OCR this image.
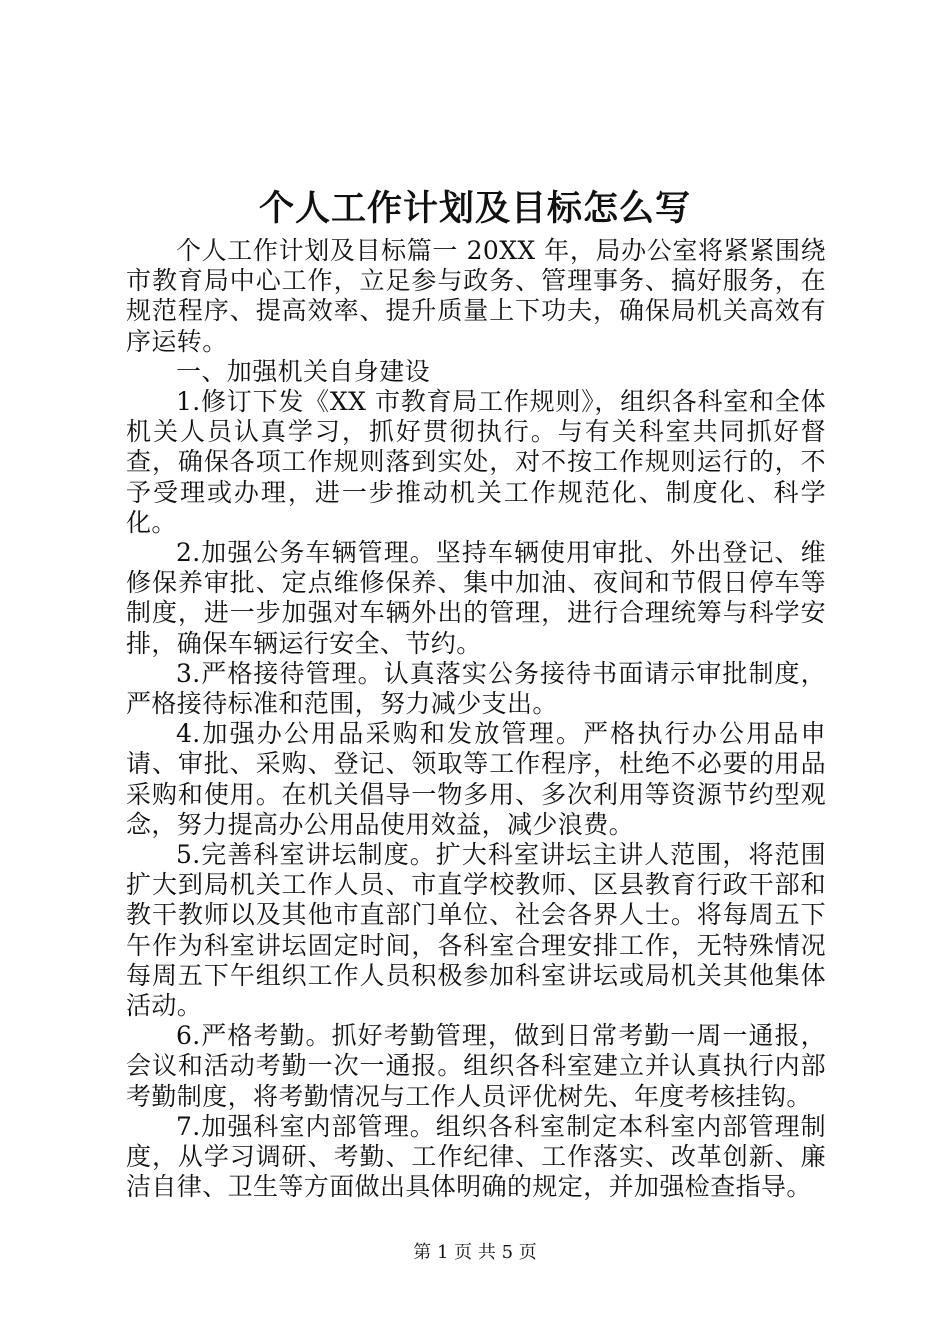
个人工作计划及目标怎么写

个人工作计划及目标篇一 20XX 年，局办公室将紧紧围绕市教育局中心工作，立足参与政务、管理事务、搞好服务，在规范程序、提高效率、提升质量上下功夫，确保局机关高效有序运转。

一、加强机关自身建设

1.修订下发《XX 市教育局工作规则》，组织各科室和全体机关人员认真学习，抓好贯彻执行。与有关科室共同抓好督查，确保各项工作规则落到实处，对不按工作规则运行的，不予受理或办理，进一步推动机关工作规范化、制度化、科学化。

2.加强公务车辆管理。坚持车辆使用审批、外出登记、维修保养审批、定点维修保养、集中加油、夜间和节假日停车等制度，进一步加强对车辆外出的管理，进行合理统筹与科学安排，确保车辆运行安全、节约。

3.严格接待管理。认真落实公务接待书面请示审批制度，严格接待标准和范围，努力减少支出。

4.加强办公用品采购和发放管理。严格执行办公用品申请、审批、采购、登记、领取等工作程序，杜绝不必要的用品采购和使用。在机关倡导一物多用、多次利用等资源节约型观念，努力提高办公用品使用效益，减少浪费。

5.完善科室讲坛制度。扩大科室讲坛主讲人范围，将范围扩大到局机关工作人员、市直学校教师、区县教育行政干部和教干教师以及其他市直部门单位、社会各界人士。将每周五下午作为科室讲坛固定时间，各科室合理安排工作，无特殊情况每周五下午组织工作人员积极参加科室讲坛或局机关其他集体活动。

6.严格考勤。抓好考勤管理，做到日常考勤一周一通报，会议和活动考勤一次一通报。组织各科室建立并认真执行内部考勤制度，将考勤情况与工作人员评优树先、年度考核挂钩。

7.加强科室内部管理。组织各科室制定本科室内部管理制度，从学习调研、考勤、工作纪律、工作落实、改革创新、廉洁自律、卫生等方面做出具体明确的规定，并加强检查指导。

第 1 页 共 5 页
